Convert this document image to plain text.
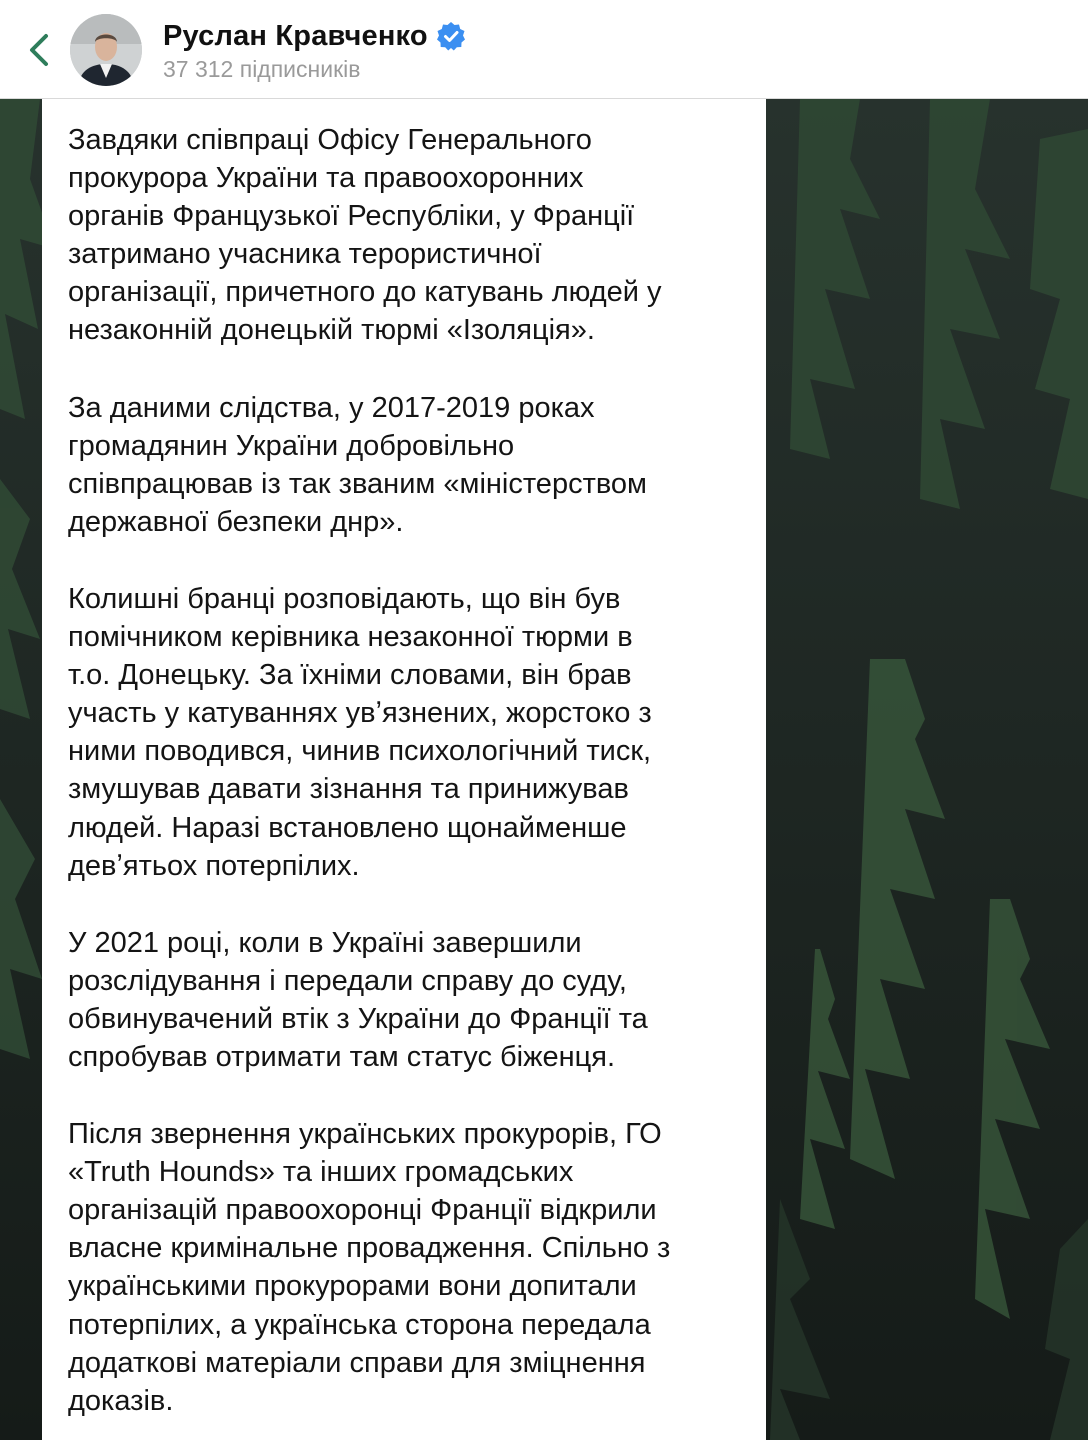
Руслан Кравченко
37 312 підписників

Завдяки співпраці Офісу Генерального
прокурора України та правоохоронних
органів Французької Республіки, у Франції
затримано учасника терористичної
організації, причетного до катувань людей у
незаконній донецькій тюрмі «Ізоляція».

За даними слідства, у 2017-2019 роках
громадянин України добровільно
співпрацював із так званим «міністерством
державної безпеки днр».

Колишні бранці розповідають, що він був
помічником керівника незаконної тюрми в
т.о. Донецьку. За їхніми словами, він брав
участь у катуваннях увʼязнених, жорстоко з
ними поводився, чинив психологічний тиск,
змушував давати зізнання та принижував
людей. Наразі встановлено щонайменше
девʼятьох потерпілих.

У 2021 році, коли в Україні завершили
розслідування і передали справу до суду,
обвинувачений втік з України до Франції та
спробував отримати там статус біженця.

Після звернення українських прокурорів, ГО
«Truth Hounds» та інших громадських
організацій правоохоронці Франції відкрили
власне кримінальне провадження. Спільно з
українськими прокурорами вони допитали
потерпілих, а українська сторона передала
додаткові матеріали справи для зміцнення
доказів.
